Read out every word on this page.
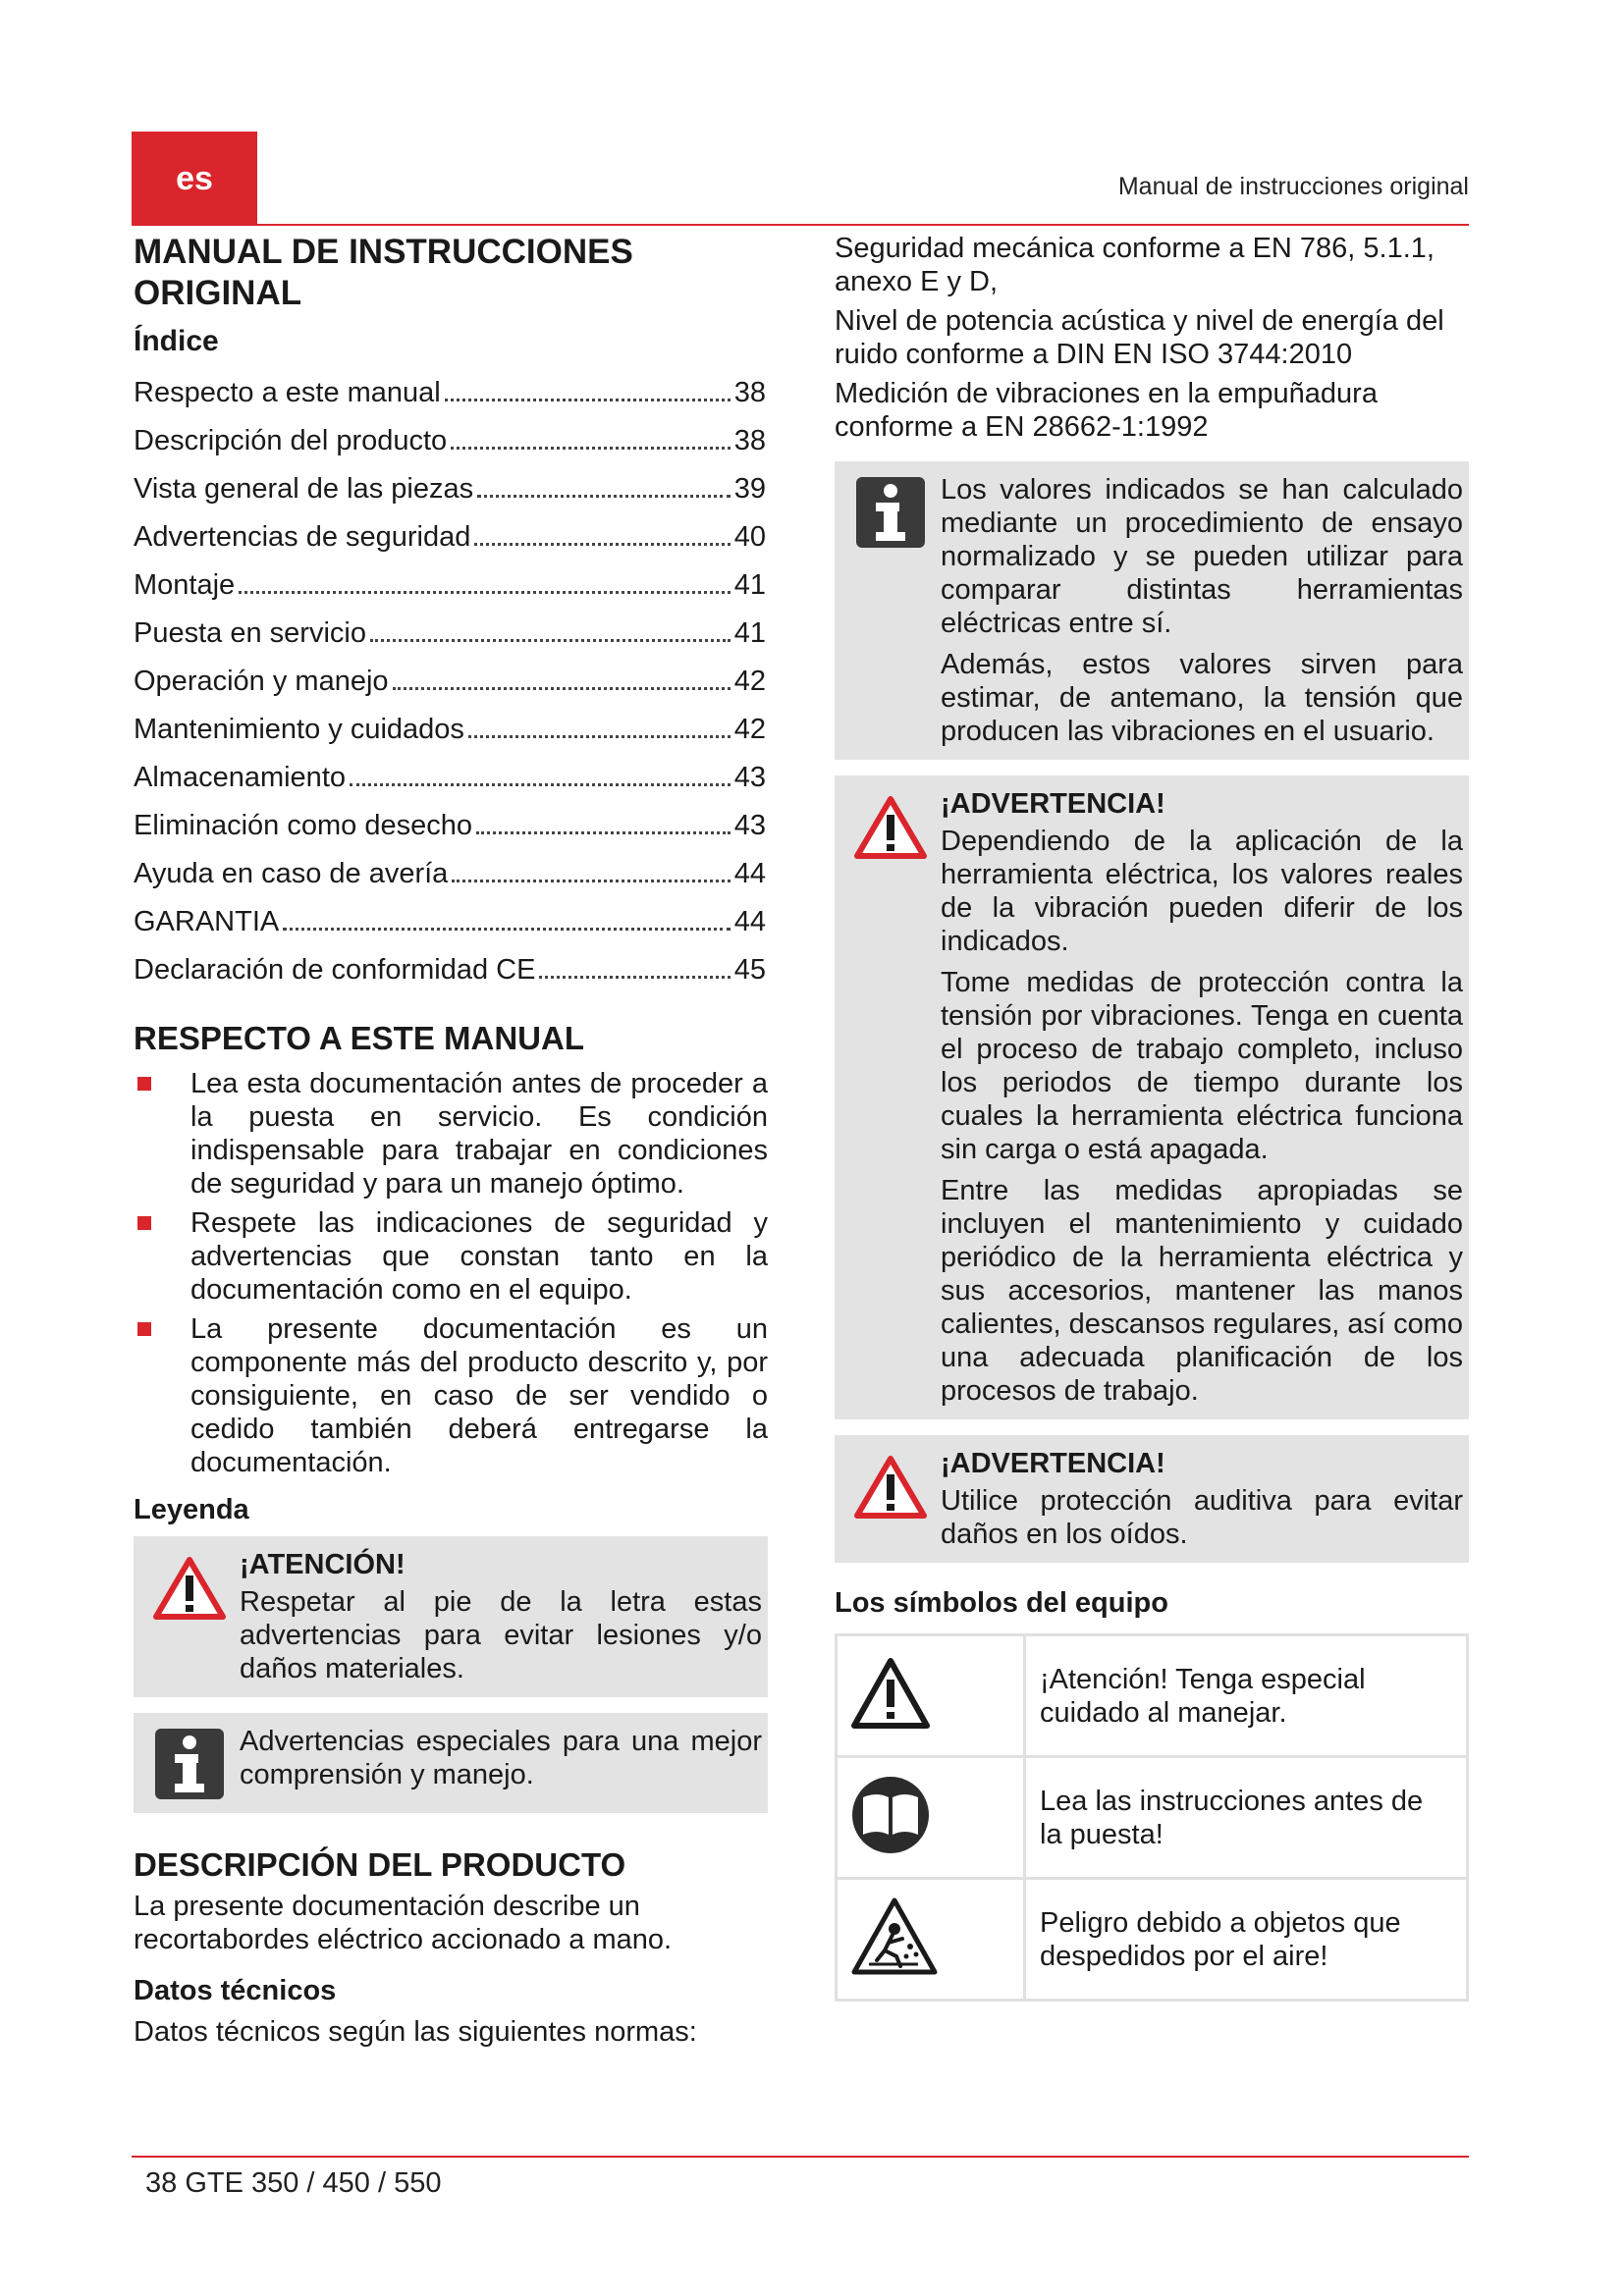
es	Manual de instrucciones original
MANUAL DE INSTRUCCIONES ORIGINAL
Índice
Respecto a este manual	38
Descripción del producto	38
Vista general de las piezas	39
Advertencias de seguridad	40
Montaje	41
Puesta en servicio	41
Operación y manejo	42
Mantenimiento y cuidados	42
Almacenamiento	43
Eliminación como desecho	43
Ayuda en caso de avería	44
GARANTIA	44
Declaración de conformidad CE	45
RESPECTO A ESTE MANUAL
Lea esta documentación antes de proceder a la puesta en servicio. Es condición indispensable para trabajar en condiciones de seguridad y para un manejo óptimo.
Respete las indicaciones de seguridad y advertencias que constan tanto en la documentación como en el equipo.
La presente documentación es un componente más del producto descrito y, por consiguiente, en caso de ser vendido o cedido también deberá entregarse la documentación.
Leyenda
¡ATENCIÓN!
Respetar al pie de la letra estas advertencias para evitar lesiones y/o daños materiales.
Advertencias especiales para una mejor comprensión y manejo.
DESCRIPCIÓN DEL PRODUCTO
La presente documentación describe un recortabordes eléctrico accionado a mano.
Datos técnicos
Datos técnicos según las siguientes normas:
Seguridad mecánica conforme a EN 786, 5.1.1, anexo E y D,
Nivel de potencia acústica y nivel de energía del ruido conforme a DIN EN ISO 3744:2010
Medición de vibraciones en la empuñadura conforme a EN 28662-1:1992
Los valores indicados se han calculado mediante un procedimiento de ensayo normalizado y se pueden utilizar para comparar distintas herramientas eléctricas entre sí.
Además, estos valores sirven para estimar, de antemano, la tensión que producen las vibraciones en el usuario.
¡ADVERTENCIA!
Dependiendo de la aplicación de la herramienta eléctrica, los valores reales de la vibración pueden diferir de los indicados.
Tome medidas de protección contra la tensión por vibraciones. Tenga en cuenta el proceso de trabajo completo, incluso los periodos de tiempo durante los cuales la herramienta eléctrica funciona sin carga o está apagada.
Entre las medidas apropiadas se incluyen el mantenimiento y cuidado periódico de la herramienta eléctrica y sus accesorios, mantener las manos calientes, descansos regulares, así como una adecuada planificación de los procesos de trabajo.
¡ADVERTENCIA!
Utilice protección auditiva para evitar daños en los oídos.
Los símbolos del equipo
	¡Atención! Tenga especial cuidado al manejar.
	Lea las instrucciones antes de la puesta!
	Peligro debido a objetos que despedidos por el aire!
38 GTE 350 / 450 / 550
